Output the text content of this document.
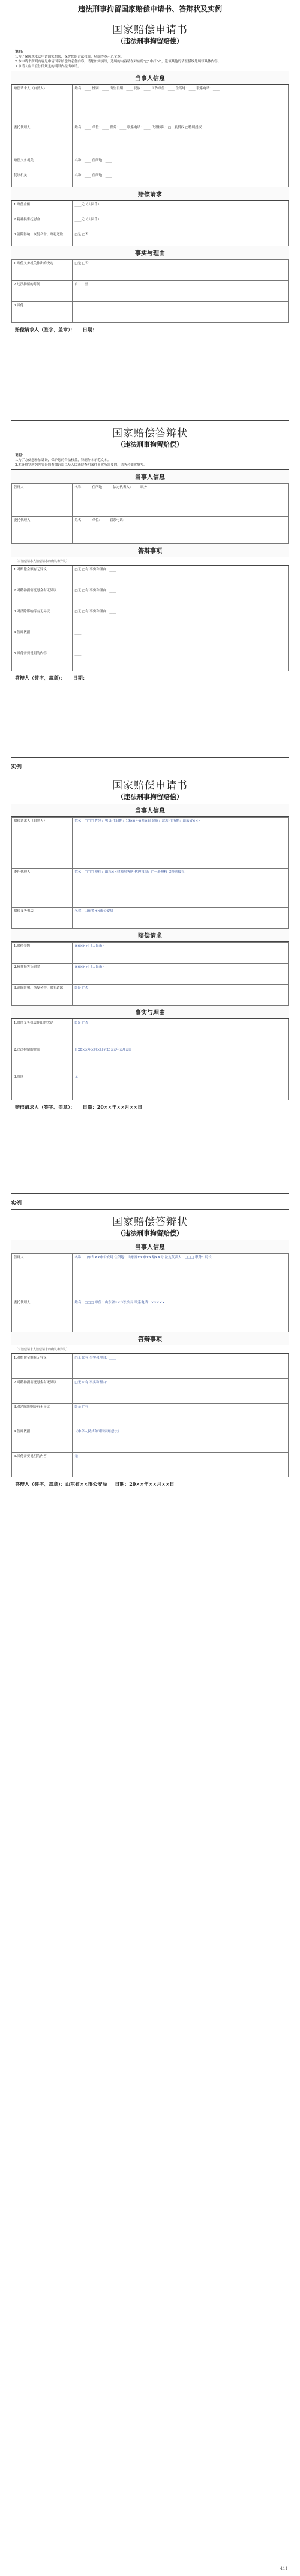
违法刑事拘留国家赔偿申请书、答辩状及实例
国家赔偿申请书
（违法刑事拘留赔偿）
说明:
1.为了保障您依法申请国家赔偿，保护您的合法权益，特制作本示范文本。
2.本申请书所列内容是申请国家赔偿的必备内容，请您如实填写，选填的内容请在对应的"□"中打"√"，选填其他的请在横线处填写具体内容。
3.申请人应当在法律规定的期限内提出申请。
当事人信息
赔偿请求人（自然人）	姓名：____ 性别：____ 出生日期：____ 民族：____ 工作单位：____ 住所地：____ 联系电话：____
委托代理人	姓名：____ 单位：____ 职务：____ 联系电话：____ 代理权限：□一般授权 □特别授权
赔偿义务机关	名称：____ 住所地：____
复议机关	名称：____ 住所地：____
赔偿请求
1.赔偿金额	____元（人民币）
2.精神损害抚慰金	____元（人民币）
3.消除影响、恢复名誉、赔礼道歉	□是 □否
事实与理由
1.赔偿义务机关作出的决定	□是 □否
2.违法拘留的时间	自____至____
3.其他	____
赔偿请求人（签字、盖章）： 日期：
国家赔偿答辩状
（违法刑事拘留赔偿）
说明:
1.为了方便您参加诉讼，保护您的合法权益，特制作本示范文本。
2.本答辩状所列内容是您参加诉讼以及人民法院查明案件事实所需要的，请务必如实填写。
当事人信息
答辩人	名称：____ 住所地：____ 法定代表人：____ 职务：____
委托代理人	姓名：____ 单位：____ 联系电话：____
答辩事项
（对赔偿请求人赔偿请求的确认和异议）
1.对赔偿金额有无异议	□无 □有 事实和理由：____
2.对精神损害抚慰金有无异议	□无 □有 事实和理由：____
3.对消除影响等有无异议	□无 □有 事实和理由：____
4.答辩依据	____
5.其他需要说明的内容	____
答辩人（签字、盖章）： 日期：
实例
国家赔偿申请书
（违法刑事拘留赔偿）
当事人信息
赔偿请求人（自然人）	姓名：□□□ 性别：男 出生日期：19××年×月×日 民族：汉族 住所地：山东省×××
委托代理人	姓名：□□□ 单位：山东××律师事务所 代理权限：□一般授权 ☑特别授权
赔偿义务机关	名称：山东省××市公安局
赔偿请求
1.赔偿金额	××××元（人民币）
2.精神损害抚慰金	××××元（人民币）
3.消除影响、恢复名誉、赔礼道歉	☑是 □否
事实与理由
1.赔偿义务机关作出的决定	☑是 □否
2.违法拘留的时间	自20××年×月×日至20××年×月×日
3.其他	无
赔偿请求人（签字、盖章）： 日期：20××年××月××日
实例
国家赔偿答辩状
（违法刑事拘留赔偿）
当事人信息
答辩人	名称：山东省××市公安局 住所地：山东省××市××路××号 法定代表人：□□□ 职务：局长
委托代理人	姓名：□□□ 单位：山东省××市公安局 联系电话：×××××
答辩事项
（对赔偿请求人赔偿请求的确认和异议）
1.对赔偿金额有无异议	□无 ☑有 事实和理由：____
2.对精神损害抚慰金有无异议	□无 ☑有 事实和理由：____
3.对消除影响等有无异议	☑无 □有
4.答辩依据	《中华人民共和国国家赔偿法》
5.其他需要说明的内容	无
答辩人（签字、盖章）：山东省××市公安局 日期：20××年××月××日
411
